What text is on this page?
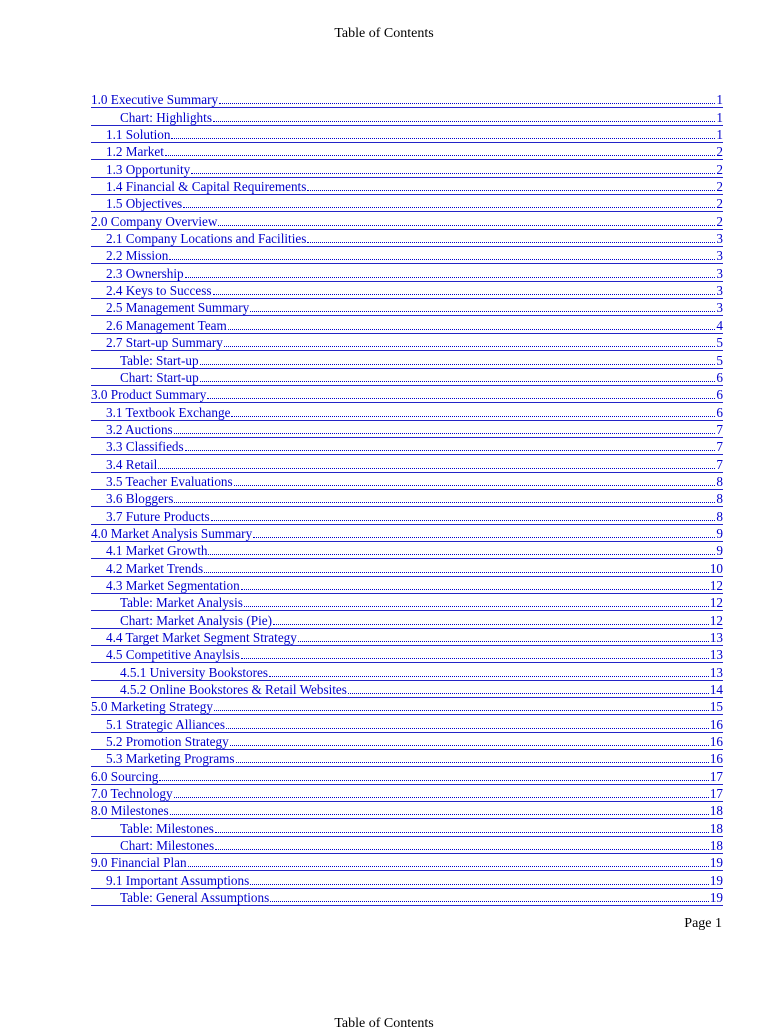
Table of Contents
1.0 Executive Summary	1
Chart: Highlights	1
1.1 Solution	1
1.2 Market	2
1.3 Opportunity	2
1.4 Financial & Capital Requirements	2
1.5 Objectives	2
2.0 Company Overview	2
2.1 Company Locations and Facilities	3
2.2 Mission	3
2.3 Ownership	3
2.4 Keys to Success	3
2.5 Management Summary	3
2.6 Management Team	4
2.7 Start-up Summary	5
Table: Start-up	5
Chart: Start-up	6
3.0 Product Summary	6
3.1 Textbook Exchange	6
3.2 Auctions	7
3.3 Classifieds	7
3.4 Retail	7
3.5 Teacher Evaluations	8
3.6 Bloggers	8
3.7 Future Products	8
4.0 Market Analysis Summary	9
4.1 Market Growth	9
4.2 Market Trends	10
4.3 Market Segmentation	12
Table: Market Analysis	12
Chart: Market Analysis (Pie)	12
4.4 Target Market Segment Strategy	13
4.5 Competitive Anaylsis	13
4.5.1 University Bookstores	13
4.5.2 Online Bookstores & Retail Websites	14
5.0 Marketing Strategy	15
5.1 Strategic Alliances	16
5.2 Promotion Strategy	16
5.3 Marketing Programs	16
6.0 Sourcing	17
7.0 Technology	17
8.0 Milestones	18
Table: Milestones	18
Chart: Milestones	18
9.0 Financial Plan	19
9.1 Important Assumptions	19
Table: General Assumptions	19
Page 1
Table of Contents
